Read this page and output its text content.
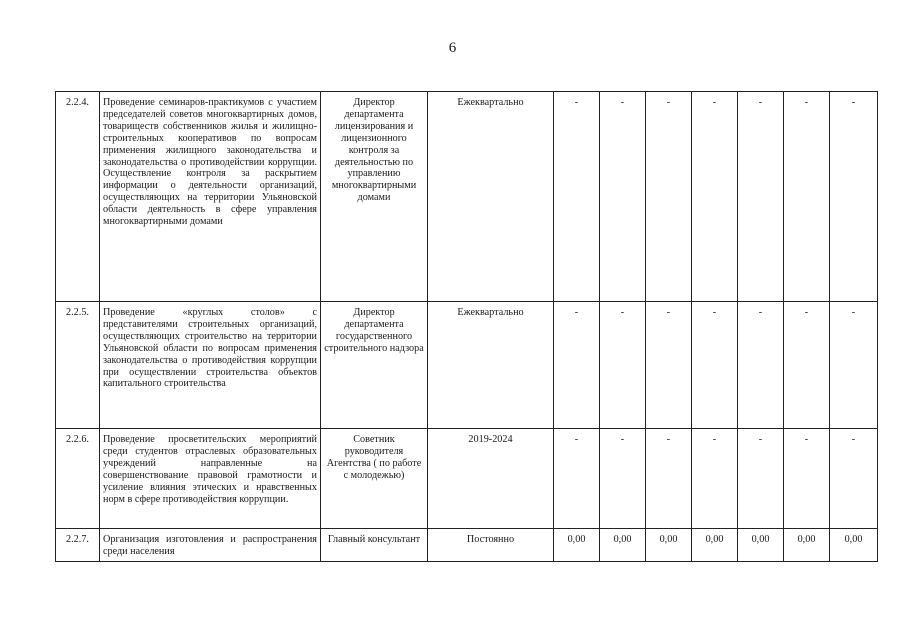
6
2.2.4.	Проведение семинаров-практикумов с участием председателей советов многоквартирных домов, товариществ собственников жилья и жилищно-строительных кооперативов по вопросам применения жилищного законодательства и законодательства о противодействии коррупции. Осуществление контроля за раскрытием информации о деятельности организаций, осуществляющих на территории Ульяновской области деятельность в сфере управления многоквартирными домами	Директор департамента лицензирования и лицензионного контроля за деятельностью по управлению многоквартирными домами	Ежеквартально	-	-	-	-	-	-	-
2.2.5.	Проведение «круглых столов» с представителями строительных организаций, осуществляющих строительство на территории Ульяновской области по вопросам применения законодательства о противодействия коррупции при осуществлении строительства объектов капитального строительства	Директор департамента государственного строительного надзора	Ежеквартально	-	-	-	-	-	-	-
2.2.6.	Проведение просветительских мероприятий среди студентов отраслевых образовательных учреждений направленные на совершенствование правовой грамотности и усиление влияния этических и нравственных норм в сфере противодействия коррупции.	Советник руководителя Агентства ( по работе с молодежью)	2019-2024	-	-	-	-	-	-	-
2.2.7.	Организация изготовления и распространения среди населения	Главный консультант	Постоянно	0,00	0,00	0,00	0,00	0,00	0,00	0,00
